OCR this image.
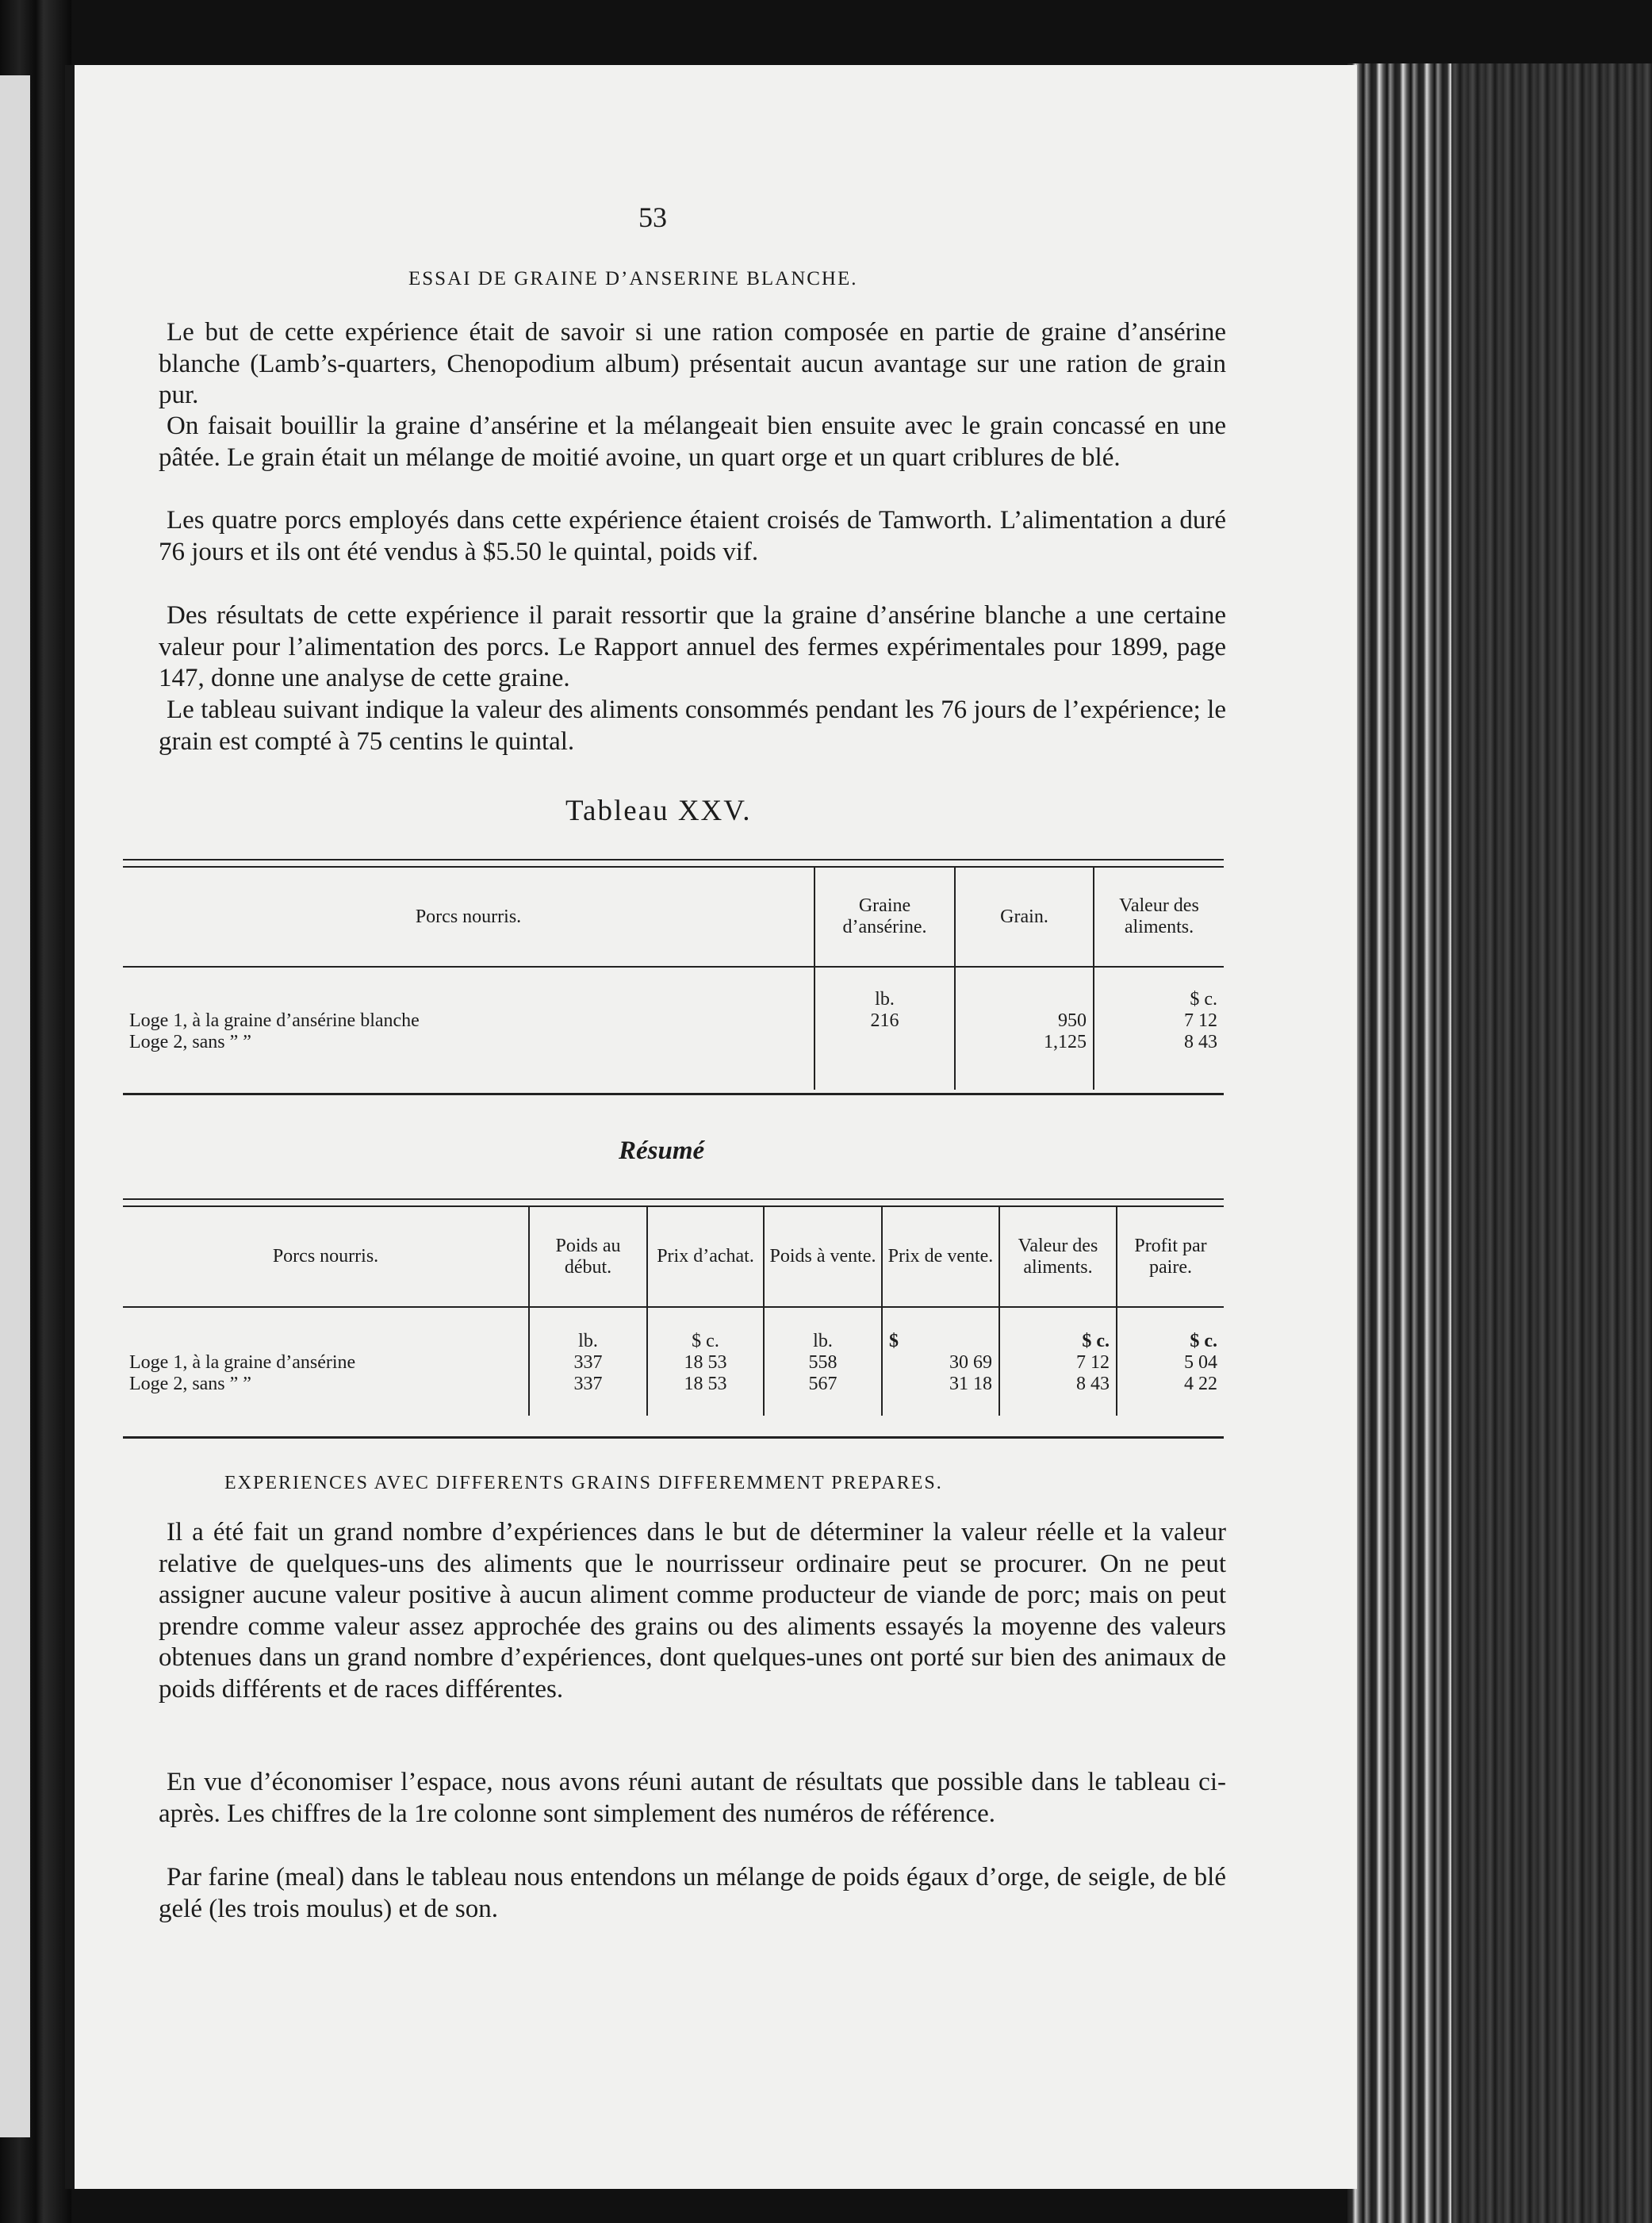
53
ESSAI DE GRAINE D’ANSERINE BLANCHE.

Le but de cette expérience était de savoir si une ration composée en partie de graine d’ansérine blanche (Lamb’s-quarters, Chenopodium album) présentait aucun avantage sur une ration de grain pur.

On faisait bouillir la graine d’ansérine et la mélangeait bien ensuite avec le grain concassé en une pâtée. Le grain était un mélange de moitié avoine, un quart orge et un quart criblures de blé.

Les quatre porcs employés dans cette expérience étaient croisés de Tamworth. L’alimentation a duré 76 jours et ils ont été vendus à $5.50 le quintal, poids vif.

Des résultats de cette expérience il parait ressortir que la graine d’ansérine blanche a une certaine valeur pour l’alimentation des porcs. Le Rapport annuel des fermes expérimentales pour 1899, page 147, donne une analyse de cette graine.

Le tableau suivant indique la valeur des aliments consommés pendant les 76 jours de l’expérience; le grain est compté à 75 centins le quintal.

Tableau XXV.
Porcs nourris.	Graine d’ansérine.	Grain.	Valeur des aliments.
	lb.		$ c.
Loge 1, à la graine d’ansérine blanche	216	950	7 12
Loge 2, sans ” ”		1,125	8 43

Résumé
Porcs nourris.	Poids au début.	Prix d’achat.	Poids à vente.	Prix de vente.	Valeur des aliments.	Profit par paire.
	lb.	$ c.	lb.	$	$ c.	$ c.
Loge 1, à la graine d’ansérine	337	18 53	558	30 69	7 12	5 04
Loge 2, sans ” ”	337	18 53	567	31 18	8 43	4 22

EXPERIENCES AVEC DIFFERENTS GRAINS DIFFEREMMENT PREPARES.

Il a été fait un grand nombre d’expériences dans le but de déterminer la valeur réelle et la valeur relative de quelques-uns des aliments que le nourrisseur ordinaire peut se procurer. On ne peut assigner aucune valeur positive à aucun aliment comme producteur de viande de porc; mais on peut prendre comme valeur assez approchée des grains ou des aliments essayés la moyenne des valeurs obtenues dans un grand nombre d’expériences, dont quelques-unes ont porté sur bien des animaux de poids différents et de races différentes.

En vue d’économiser l’espace, nous avons réuni autant de résultats que possible dans le tableau ci-après. Les chiffres de la 1re colonne sont simplement des numéros de référence.

Par farine (meal) dans le tableau nous entendons un mélange de poids égaux d’orge, de seigle, de blé gelé (les trois moulus) et de son.
